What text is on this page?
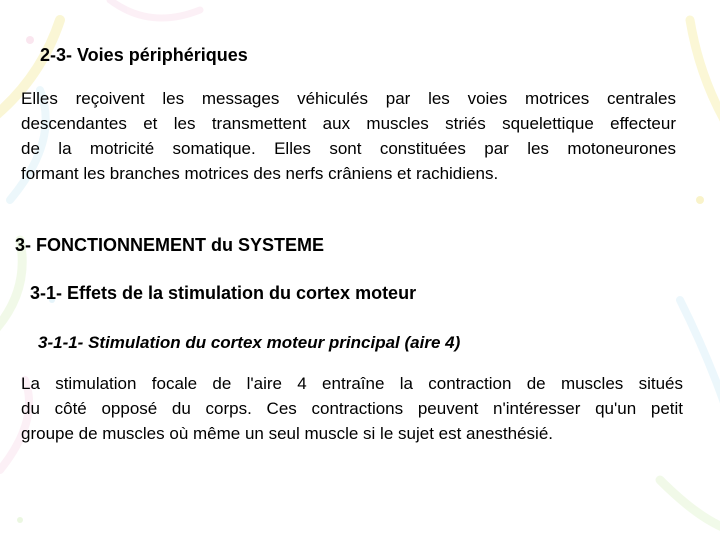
2-3- Voies périphériques
Elles reçoivent les messages véhiculés par les voies motrices centrales
descendantes et les transmettent aux muscles striés squelettique effecteur
de la motricité somatique. Elles sont constituées par les motoneurones
formant les branches motrices des nerfs crâniens et rachidiens.
3- FONCTIONNEMENT du SYSTEME
3-1- Effets de la stimulation du cortex moteur
3-1-1- Stimulation du cortex moteur principal (aire 4)
La stimulation focale de l'aire 4 entraîne la contraction de muscles situés
du côté opposé du corps. Ces contractions peuvent n'intéresser qu'un petit
groupe de muscles où même un seul muscle si le sujet est anesthésié.
